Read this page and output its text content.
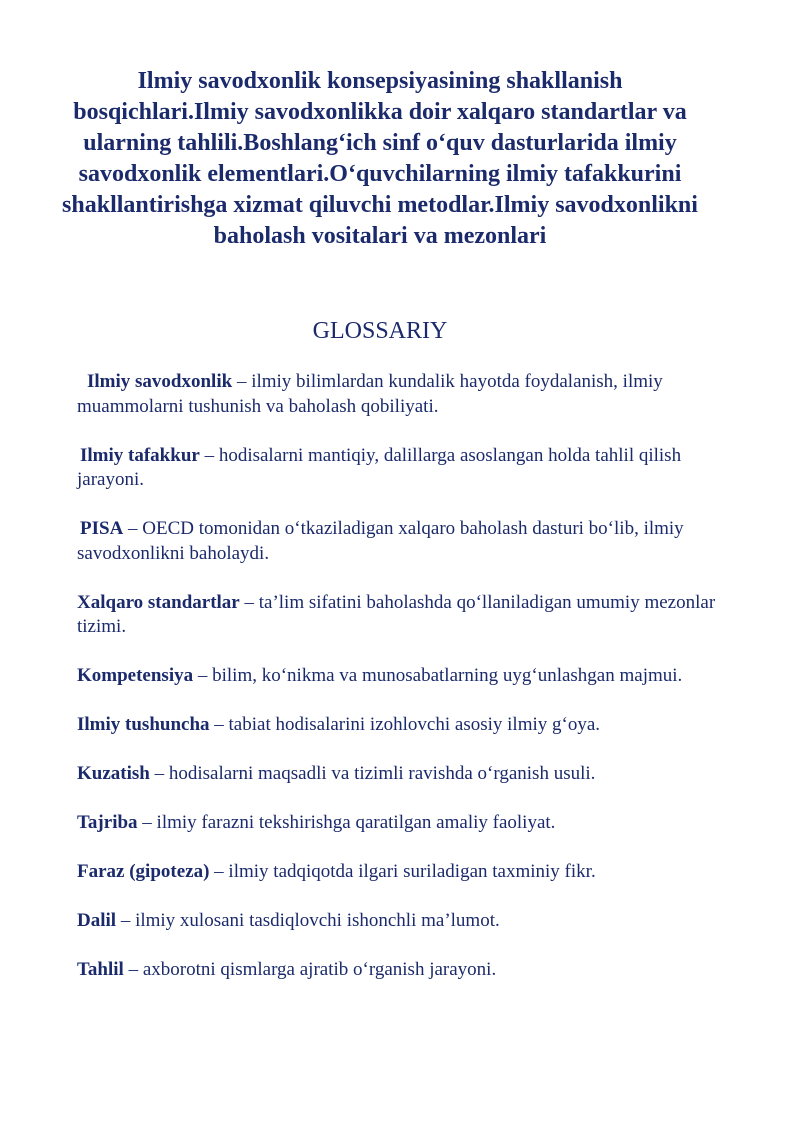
Ilmiy savodxonlik konsepsiyasining shakllanish bosqichlari.Ilmiy savodxonlikka doir xalqaro standartlar va ularning tahlili.Boshlang‘ich sinf o‘quv dasturlarida ilmiy savodxonlik elementlari.O‘quvchilarning ilmiy tafakkurini shakllantirishga xizmat qiluvchi metodlar.Ilmiy savodxonlikni baholash vositalari va mezonlari
GLOSSARIY
Ilmiy savodxonlik – ilmiy bilimlardan kundalik hayotda foydalanish, ilmiy muammolarni tushunish va baholash qobiliyati.
Ilmiy tafakkur – hodisalarni mantiqiy, dalillarga asoslangan holda tahlil qilish jarayoni.
PISA – OECD tomonidan o‘tkaziladigan xalqaro baholash dasturi bo‘lib, ilmiy savodxonlikni baholaydi.
Xalqaro standartlar – ta’lim sifatini baholashda qo‘llaniladigan umumiy mezonlar tizimi.
Kompetensiya – bilim, ko‘nikma va munosabatlarning uyg‘unlashgan majmui.
Ilmiy tushuncha – tabiat hodisalarini izohlovchi asosiy ilmiy g‘oya.
Kuzatish – hodisalarni maqsadli va tizimli ravishda o‘rganish usuli.
Tajriba – ilmiy farazni tekshirishga qaratilgan amaliy faoliyat.
Faraz (gipoteza) – ilmiy tadqiqotda ilgari suriladigan taxminiy fikr.
Dalil – ilmiy xulosani tasdiqlovchi ishonchli ma’lumot.
Tahlil – axborotni qismlarga ajratib o‘rganish jarayoni.
